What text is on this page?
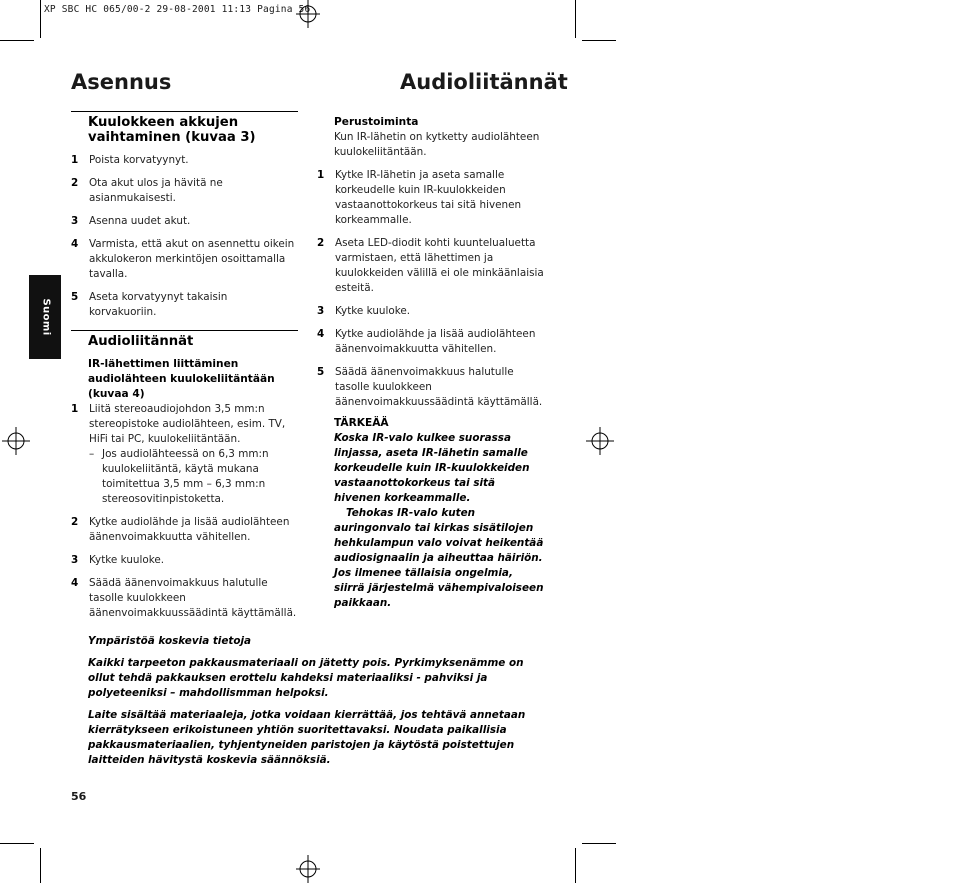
XP SBC HC 065/00-2 29-08-2001 11:13 Pagina 56
Asennus	Audioliitännät
Suomi
Kuulokkeen akkujen vaihtaminen (kuvaa 3)
1 Poista korvatyynyt.
2 Ota akut ulos ja hävitä ne asianmukaisesti.
3 Asenna uudet akut.
4 Varmista, että akut on asennettu oikein akkulokeron merkintöjen osoittamalla tavalla.
5 Aseta korvatyynyt takaisin korvakuoriin.
Audioliitännät
IR-lähettimen liittäminen audiolähteen kuulokeliitäntään (kuvaa 4)
1 Liitä stereoaudiojohdon 3,5 mm:n stereopistoke audiolähteen, esim. TV, HiFi tai PC, kuulokeliitäntään.
– Jos audiolähteessä on 6,3 mm:n kuulokeliitäntä, käytä mukana toimitettua 3,5 mm – 6,3 mm:n stereosovitinpistoketta.
2 Kytke audiolähde ja lisää audiolähteen äänenvoimakkuutta vähitellen.
3 Kytke kuuloke.
4 Säädä äänenvoimakkuus halutulle tasolle kuulokkeen äänenvoimakkuussäädintä käyttämällä.
Perustoiminta
Kun IR-lähetin on kytketty audiolähteen kuulokeliitäntään.
1 Kytke IR-lähetin ja aseta samalle korkeudelle kuin IR-kuulokkeiden vastaanottokorkeus tai sitä hivenen korkeammalle.
2 Aseta LED-diodit kohti kuuntelualuetta varmistaen, että lähettimen ja kuulokkeiden välillä ei ole minkäänlaisia esteitä.
3 Kytke kuuloke.
4 Kytke audiolähde ja lisää audiolähteen äänenvoimakkuutta vähitellen.
5 Säädä äänenvoimakkuus halutulle tasolle kuulokkeen äänenvoimakkuussäädintä käyttämällä.
TÄRKEÄÄ
Koska IR-valo kulkee suorassa linjassa, aseta IR-lähetin samalle korkeudelle kuin IR-kuulokkeiden vastaanottokorkeus tai sitä hivenen korkeammalle.
Tehokas IR-valo kuten auringonvalo tai kirkas sisätilojen hehkulampun valo voivat heikentää audiosignaalin ja aiheuttaa häiriön. Jos ilmenee tällaisia ongelmia, siirrä järjestelmä vähempivaloiseen paikkaan.
Ympäristöä koskevia tietoja
Kaikki tarpeeton pakkausmateriaali on jätetty pois. Pyrkimyksenämme on ollut tehdä pakkauksen erottelu kahdeksi materiaaliksi - pahviksi ja polyeteeniksi – mahdollismman helpoksi.
Laite sisältää materiaaleja, jotka voidaan kierrättää, jos tehtävä annetaan kierrätykseen erikoistuneen yhtiön suoritettavaksi. Noudata paikallisia pakkausmateriaalien, tyhjentyneiden paristojen ja käytöstä poistettujen laitteiden hävitystä koskevia säännöksiä.
56
